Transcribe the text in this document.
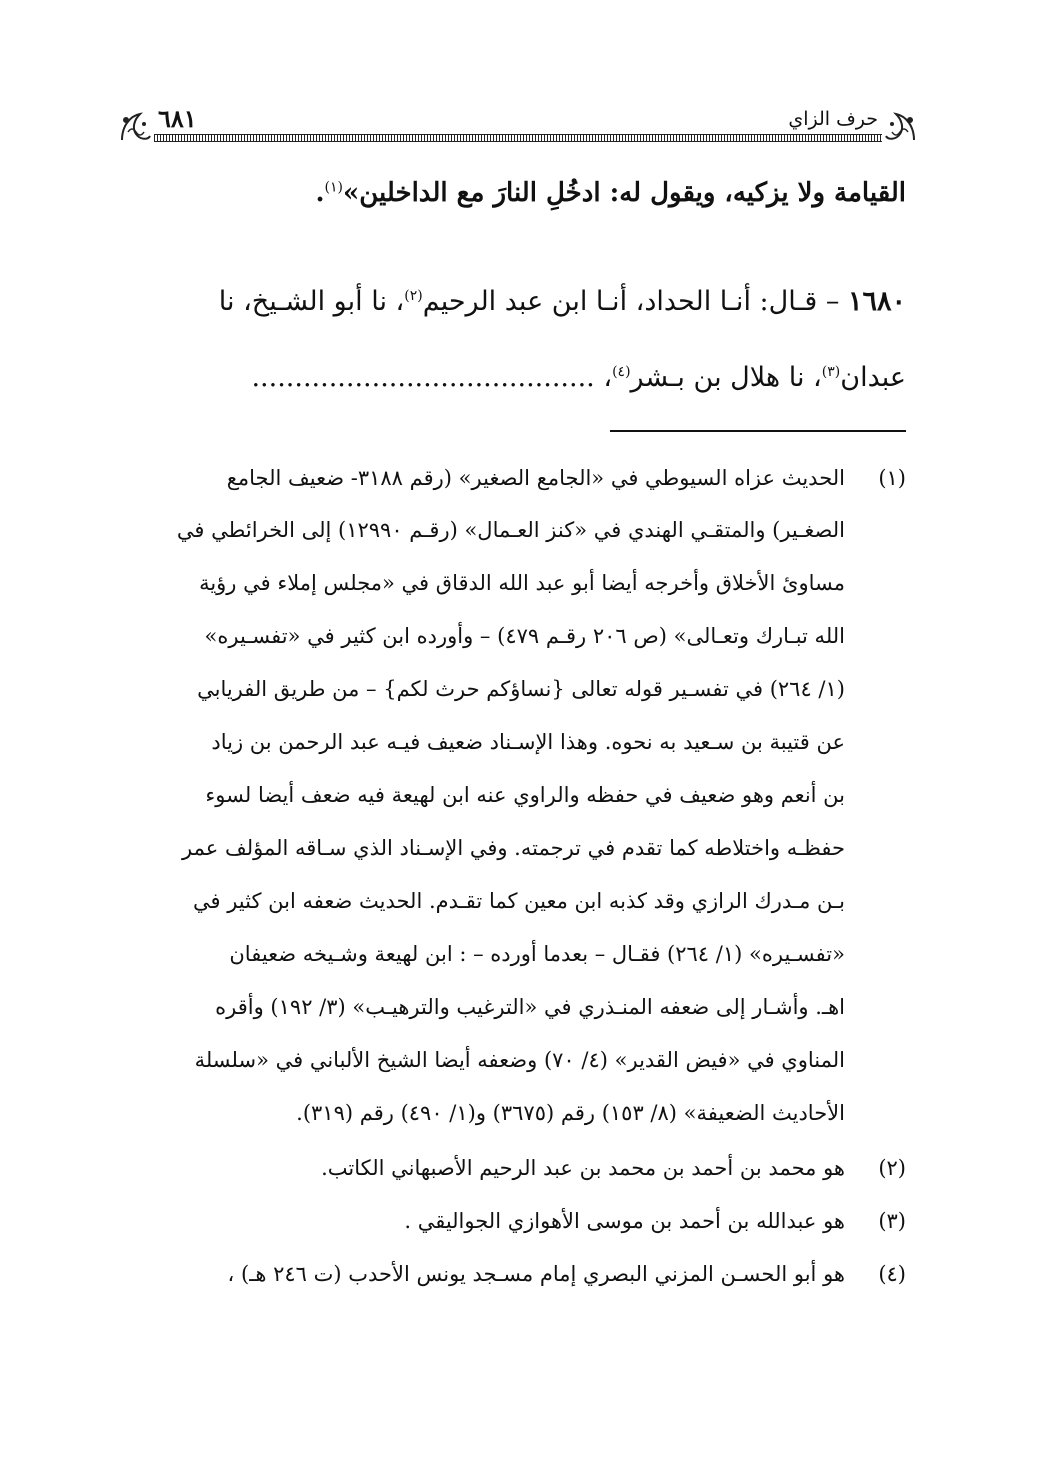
٦٨١	حرف الزاي
القيامة ولا يزكيه، ويقول له: ادخُلِ النارَ مع الداخلين»$^{(١)}$.
١٦٨٠ – قـال: أنـا الحداد، أنـا ابن عبد الرحيم$^{(٢)}$، نا أبو الشـيخ، نا
عبدان$^{(٣)}$، نا هلال بن بـشر$^{(٤)}$، ........................................
(١)
الحديث عزاه السيوطي في «الجامع الصغير» (رقم ٣١٨٨- ضعيف الجامع
الصغـير) والمتقـي الهندي في «كنز العـمال» (رقـم ١٢٩٩٠) إلى الخرائطي في
مساوئ الأخلاق وأخرجه أيضا أبو عبد الله الدقاق في «مجلس إملاء في رؤية
الله تبـارك وتعـالى» (ص ٢٠٦ رقـم ٤٧٩) – وأورده ابن كثير في «تفسـيره»
(١/ ٢٦٤) في تفسـير قوله تعالى {نساؤكم حرث لكم} – من طريق الفريابي
عن قتيبة بن سـعيد به نحوه. وهذا الإسـناد ضعيف فيـه عبد الرحمن بن زياد
بن أنعم وهو ضعيف في حفظه والراوي عنه ابن لهيعة فيه ضعف أيضا لسوء
حفظـه واختلاطه كما تقدم في ترجمته. وفي الإسـناد الذي سـاقه المؤلف عمر
بـن مـدرك الرازي وقد كذبه ابن معين كما تقـدم. الحديث ضعفه ابن كثير في
«تفسـيره» (١/ ٢٦٤) فقـال – بعدما أورده – : ابن لهيعة وشـيخه ضعيفان
اهـ. وأشـار إلى ضعفه المنـذري في «الترغيب والترهيـب» (٣/ ١٩٢) وأقره
المناوي في «فيض القدير» (٤/ ٧٠) وضعفه أيضا الشيخ الألباني في «سلسلة
الأحاديث الضعيفة» (٨/ ١٥٣) رقم (٣٦٧٥) و(١/ ٤٩٠) رقم (٣١٩).
(٢)
هو محمد بن أحمد بن محمد بن عبد الرحيم الأصبهاني الكاتب.
(٣)
هو عبدالله بن أحمد بن موسى الأهوازي الجواليقي .
(٤)
هو أبو الحسـن المزني البصري إمام مسـجد يونس الأحدب (ت ٢٤٦ هـ) ،
